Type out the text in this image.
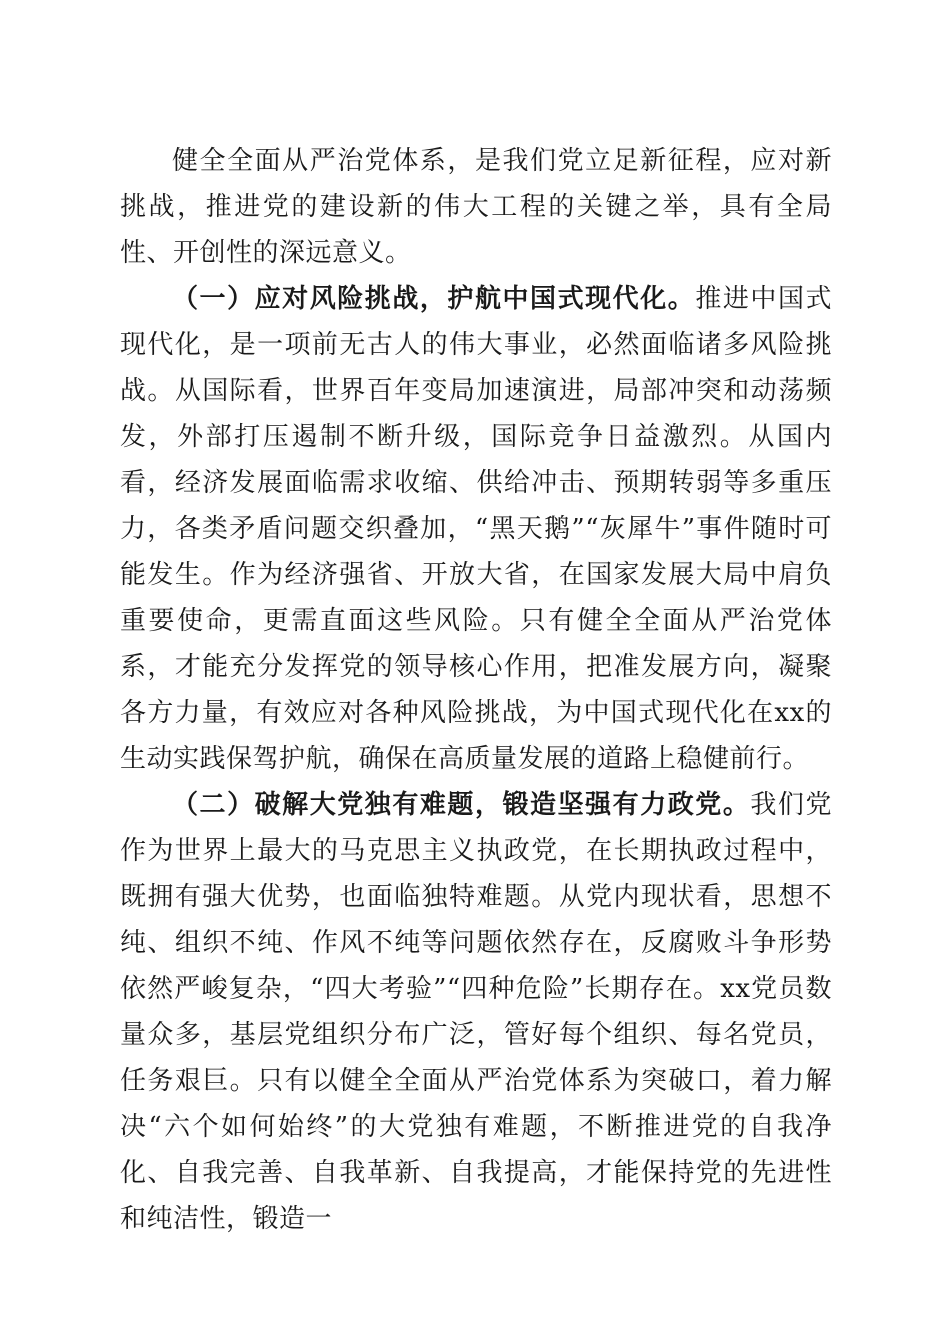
健全全面从严治党体系，是我们党立足新征程，应对新挑战，推进党的建设新的伟大工程的关键之举，具有全局性、开创性的深远意义。

（一）应对风险挑战，护航中国式现代化。推进中国式现代化，是一项前无古人的伟大事业，必然面临诸多风险挑战。从国际看，世界百年变局加速演进，局部冲突和动荡频发，外部打压遏制不断升级，国际竞争日益激烈。从国内看，经济发展面临需求收缩、供给冲击、预期转弱等多重压力，各类矛盾问题交织叠加，“黑天鹅”“灰犀牛”事件随时可能发生。作为经济强省、开放大省，在国家发展大局中肩负重要使命，更需直面这些风险。只有健全全面从严治党体系，才能充分发挥党的领导核心作用，把准发展方向，凝聚各方力量，有效应对各种风险挑战，为中国式现代化在xx的生动实践保驾护航，确保在高质量发展的道路上稳健前行。

（二）破解大党独有难题，锻造坚强有力政党。我们党作为世界上最大的马克思主义执政党，在长期执政过程中，既拥有强大优势，也面临独特难题。从党内现状看，思想不纯、组织不纯、作风不纯等问题依然存在，反腐败斗争形势依然严峻复杂，“四大考验”“四种危险”长期存在。xx党员数量众多，基层党组织分布广泛，管好每个组织、每名党员，任务艰巨。只有以健全全面从严治党体系为突破口，着力解决“六个如何始终”的大党独有难题，不断推进党的自我净化、自我完善、自我革新、自我提高，才能保持党的先进性和纯洁性，锻造一
